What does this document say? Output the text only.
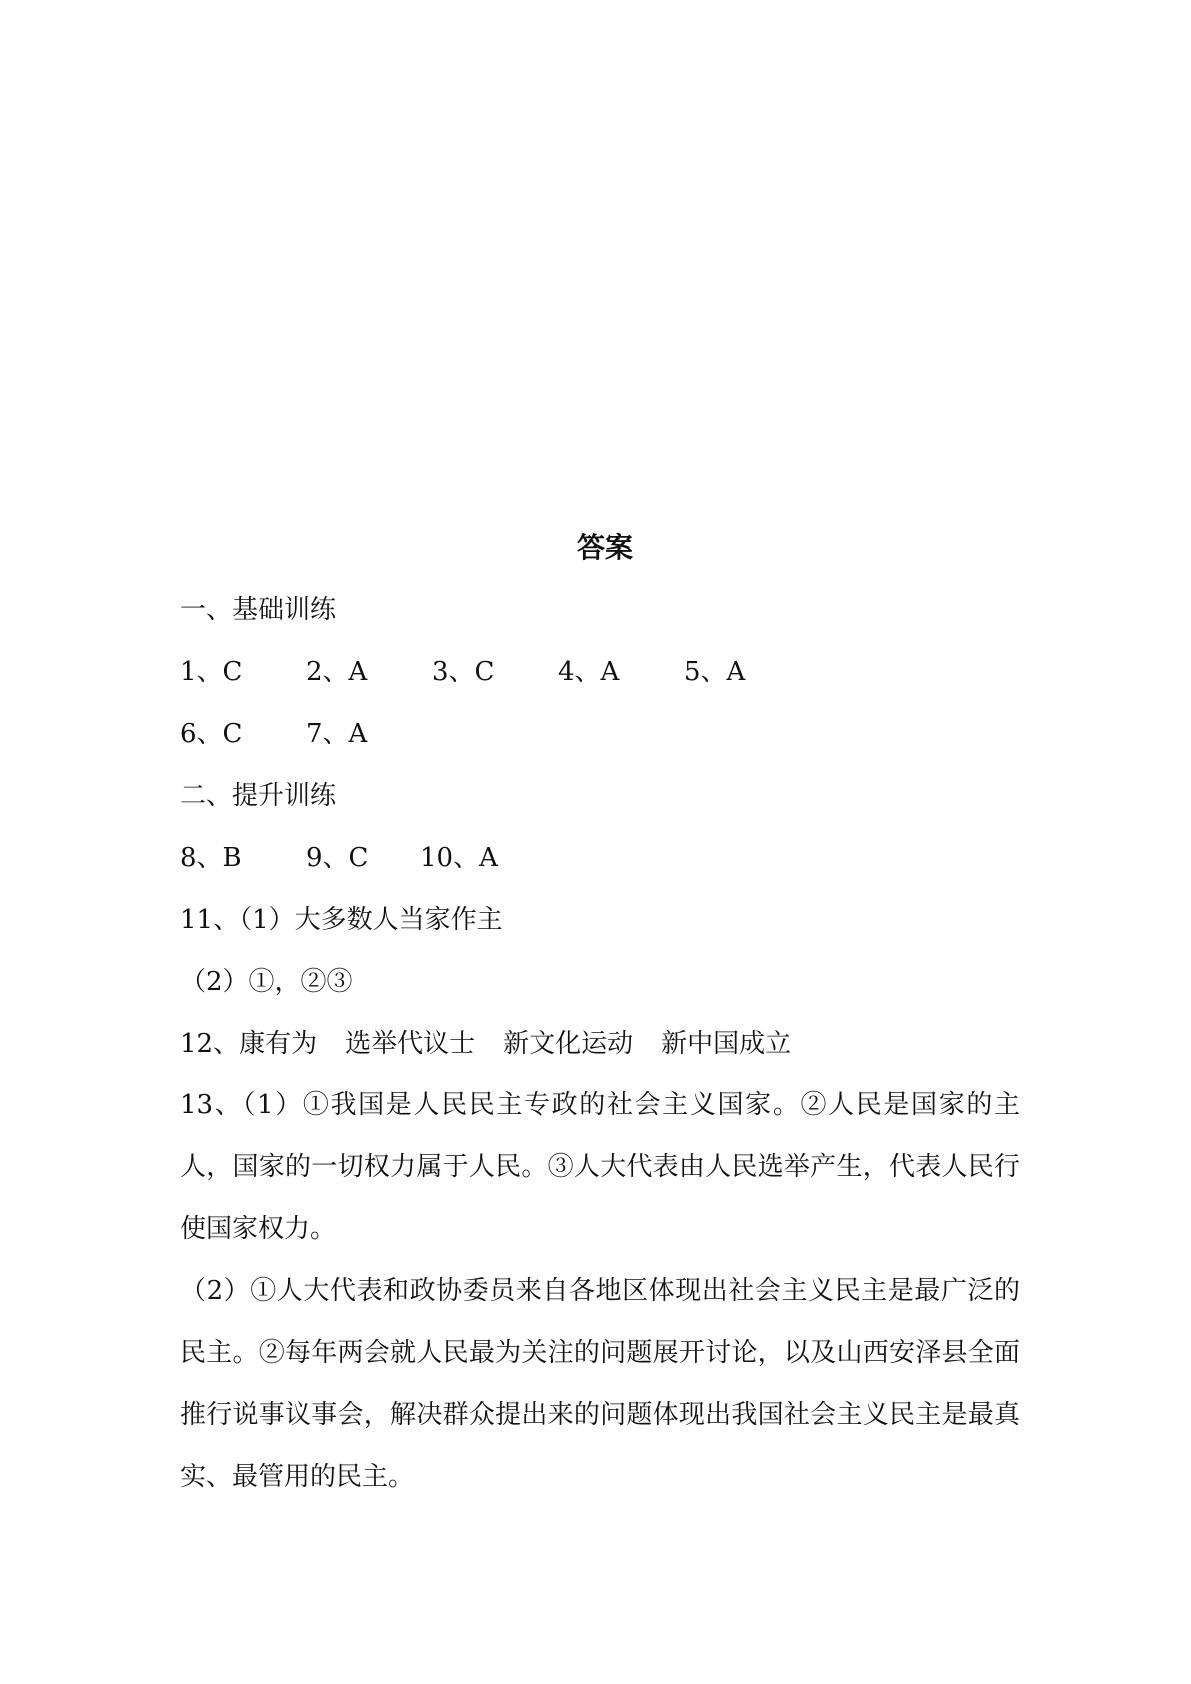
答案
一、基础训练
1、C	2、A	3、C	4、A	5、A
6、C	7、A
二、提升训练
8、B	9、C	10、A
11、（1）大多数人当家作主
（2）①，②③
12、康有为 选举代议士 新文化运动 新中国成立
13、（1）①我国是人民民主专政的社会主义国家。②人民是国家的主人，国家的一切权力属于人民。③人大代表由人民选举产生，代表人民行使国家权力。
（2）①人大代表和政协委员来自各地区体现出社会主义民主是最广泛的民主。②每年两会就人民最为关注的问题展开讨论，以及山西安泽县全面推行说事议事会，解决群众提出来的问题体现出我国社会主义民主是最真实、最管用的民主。
